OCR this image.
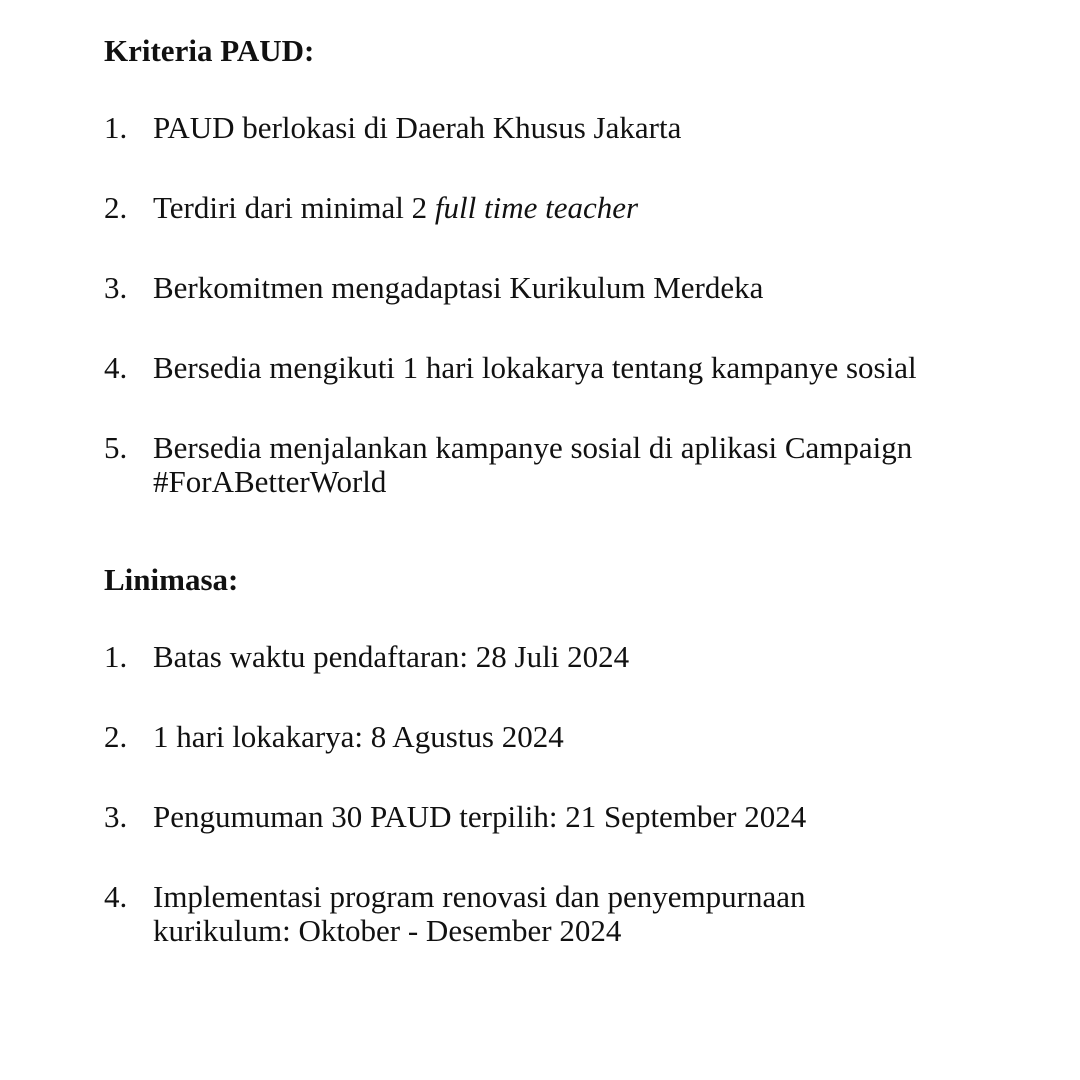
Kriteria PAUD:
1. PAUD berlokasi di Daerah Khusus Jakarta
2. Terdiri dari minimal 2 full time teacher
3. Berkomitmen mengadaptasi Kurikulum Merdeka
4. Bersedia mengikuti 1 hari lokakarya tentang kampanye sosial
5. Bersedia menjalankan kampanye sosial di aplikasi Campaign
#ForABetterWorld
Linimasa:
1. Batas waktu pendaftaran: 28 Juli 2024
2. 1 hari lokakarya: 8 Agustus 2024
3. Pengumuman 30 PAUD terpilih: 21 September 2024
4. Implementasi program renovasi dan penyempurnaan
kurikulum: Oktober - Desember 2024
